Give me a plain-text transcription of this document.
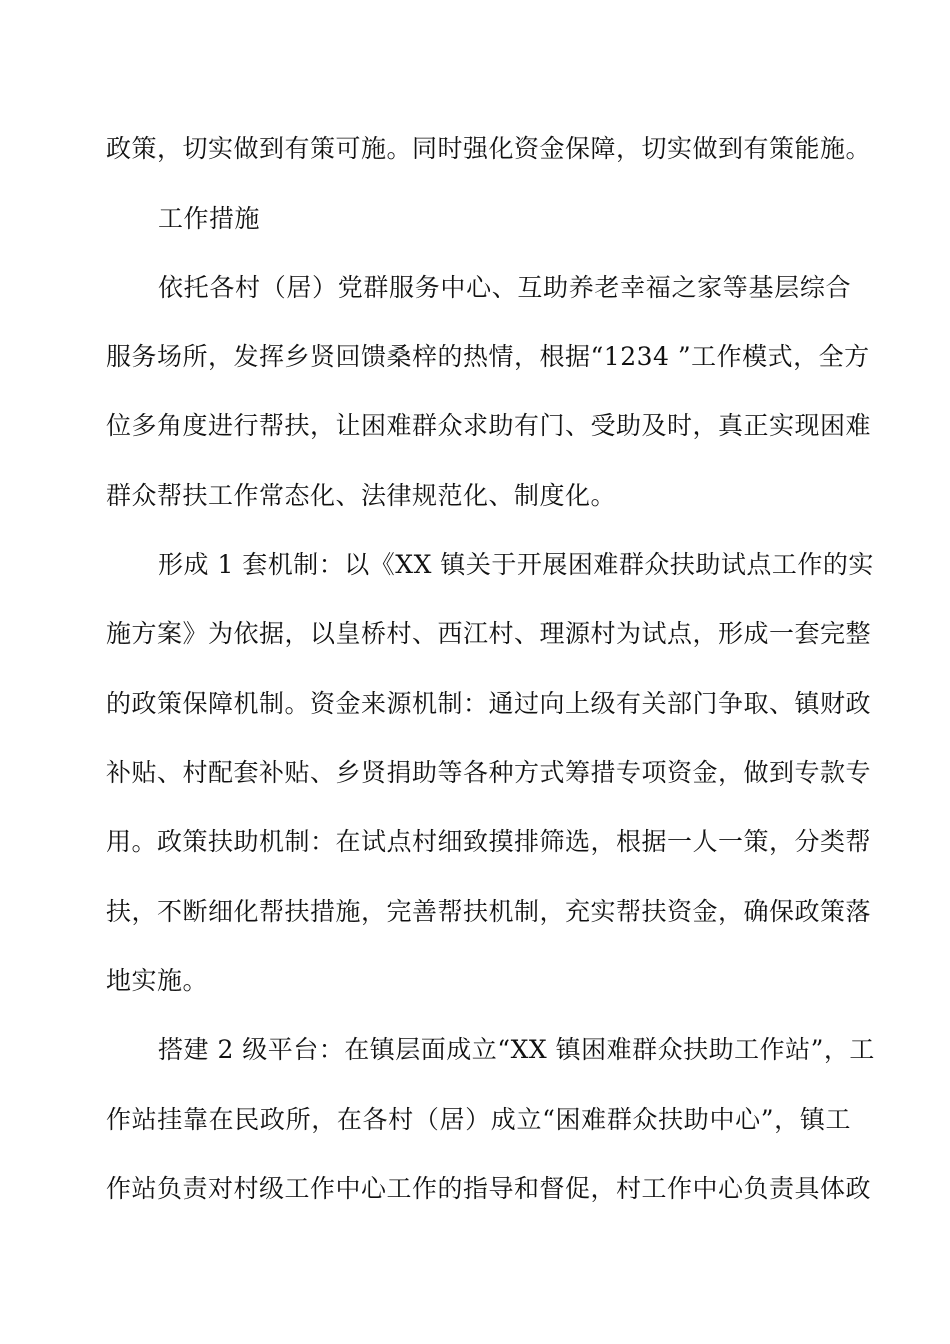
政策，切实做到有策可施。同时强化资金保障，切实做到有策能施。
工作措施
依托各村（居）党群服务中心、互助养老幸福之家等基层综合
服务场所，发挥乡贤回馈桑梓的热情，根据“1234 ”工作模式，全方
位多角度进行帮扶，让困难群众求助有门、受助及时，真正实现困难
群众帮扶工作常态化、法律规范化、制度化。
形成 1 套机制：以《XX 镇关于开展困难群众扶助试点工作的实
施方案》为依据，以皇桥村、西江村、理源村为试点，形成一套完整
的政策保障机制。资金来源机制：通过向上级有关部门争取、镇财政
补贴、村配套补贴、乡贤捐助等各种方式筹措专项资金，做到专款专
用。政策扶助机制：在试点村细致摸排筛选，根据一人一策，分类帮
扶，不断细化帮扶措施，完善帮扶机制，充实帮扶资金，确保政策落
地实施。
搭建 2 级平台：在镇层面成立“XX 镇困难群众扶助工作站”，工
作站挂靠在民政所，在各村（居）成立“困难群众扶助中心”，镇工
作站负责对村级工作中心工作的指导和督促，村工作中心负责具体政
